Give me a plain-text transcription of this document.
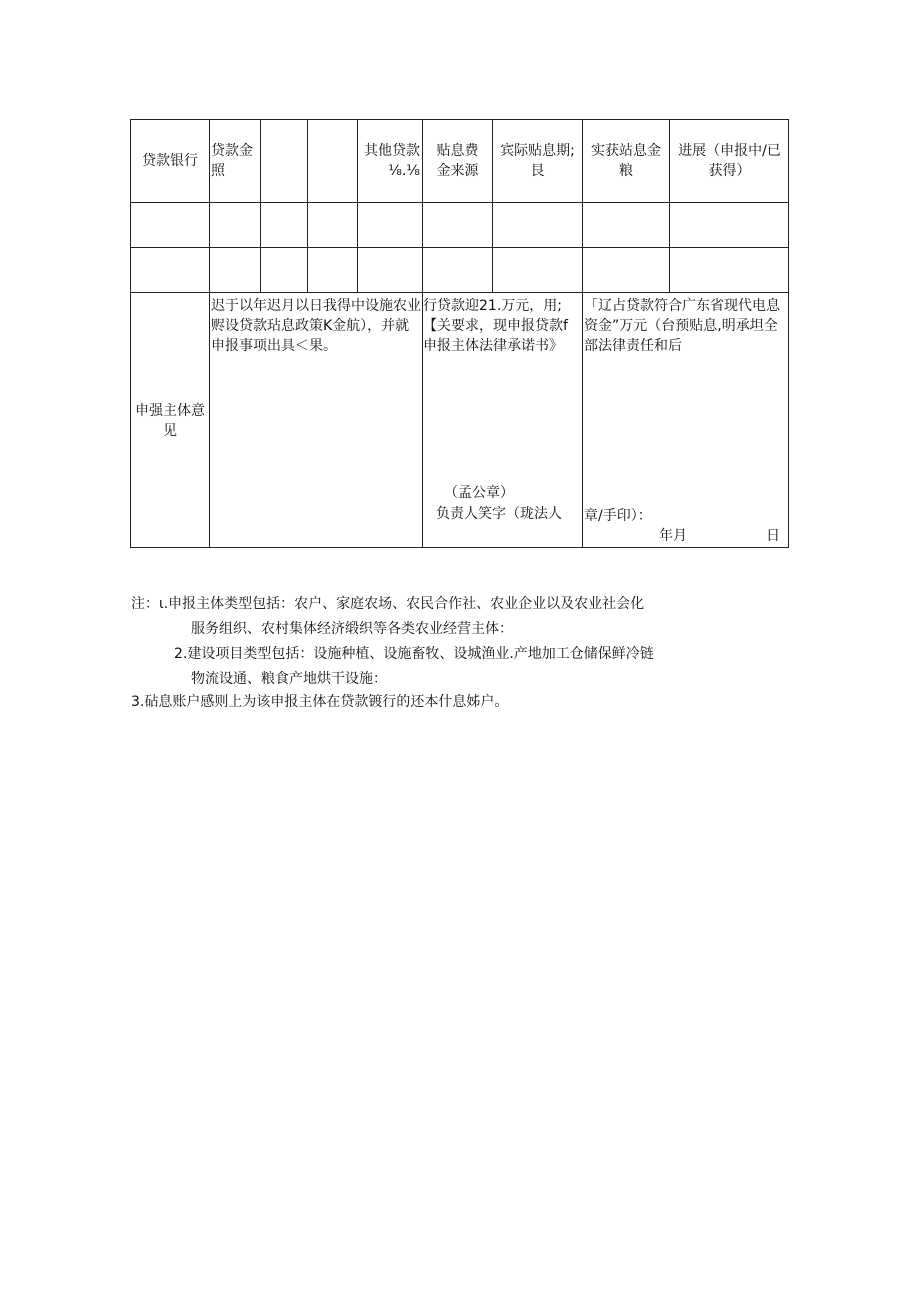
贷款银行
贷款金
照
其他贷款
⅛.⅛
贴息费
金来源
宾际贴息期;
艮
实获站息金
粮
进展（申报中/已
获得）
申强主体意
见
迟于以年迟月以日我得中设施农业赆设贷款玷息政策K金航），并就申报事项出具＜果。
行贷款迎21.万元，用;【关要求，现申报贷款f申报主体法律承诺书》
「辽占贷款符合广东省现代电息资金”万元（台预贴息,明承坦全部法律责任和后
（孟公章）
负责人笑字（珑法人 章/手印）：
年月	日
注：ι.申报主体类型包括：农户、家庭农场、农民合作社、农业企业以及农业社会化
服务组织、农村集体经济缎织等各类农业经营主体：
2.建设项目类型包括：设施种植、设施畜牧、设城渔业.产地加工仓储保鲜冷链
物流设通、粮食产地烘干设施：
3.砧息账户感则上为该申报主体在贷款镀行的还本什息姊户。
